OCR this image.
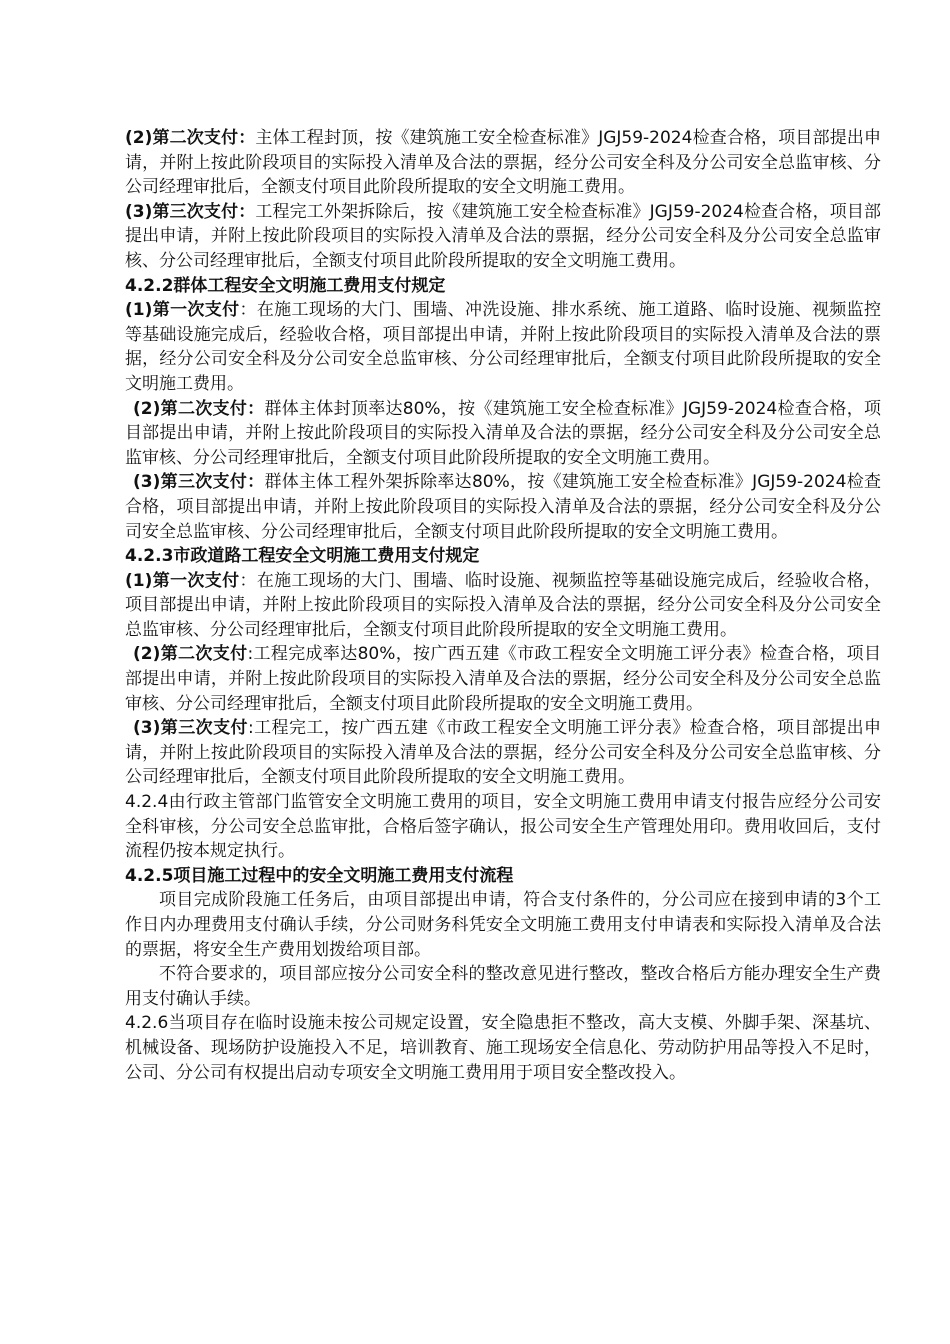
(2)第二次支付：主体工程封顶，按《建筑施工安全检查标准》JGJ59-2024检查合格，项目部提出申请，并附上按此阶段项目的实际投入清单及合法的票据，经分公司安全科及分公司安全总监审核、分公司经理审批后，全额支付项目此阶段所提取的安全文明施工费用。

(3)第三次支付：工程完工外架拆除后，按《建筑施工安全检查标准》JGJ59-2024检查合格，项目部提出申请，并附上按此阶段项目的实际投入清单及合法的票据，经分公司安全科及分公司安全总监审核、分公司经理审批后，全额支付项目此阶段所提取的安全文明施工费用。

4.2.2群体工程安全文明施工费用支付规定

(1)第一次支付：在施工现场的大门、围墙、冲洗设施、排水系统、施工道路、临时设施、视频监控等基础设施完成后，经验收合格，项目部提出申请，并附上按此阶段项目的实际投入清单及合法的票据，经分公司安全科及分公司安全总监审核、分公司经理审批后，全额支付项目此阶段所提取的安全文明施工费用。

(2)第二次支付：群体主体封顶率达80%，按《建筑施工安全检查标准》JGJ59-2024检查合格，项目部提出申请，并附上按此阶段项目的实际投入清单及合法的票据，经分公司安全科及分公司安全总监审核、分公司经理审批后，全额支付项目此阶段所提取的安全文明施工费用。

(3)第三次支付：群体主体工程外架拆除率达80%，按《建筑施工安全检查标准》JGJ59-2024检查合格，项目部提出申请，并附上按此阶段项目的实际投入清单及合法的票据，经分公司安全科及分公司安全总监审核、分公司经理审批后，全额支付项目此阶段所提取的安全文明施工费用。

4.2.3市政道路工程安全文明施工费用支付规定

(1)第一次支付：在施工现场的大门、围墙、临时设施、视频监控等基础设施完成后，经验收合格，项目部提出申请，并附上按此阶段项目的实际投入清单及合法的票据，经分公司安全科及分公司安全总监审核、分公司经理审批后，全额支付项目此阶段所提取的安全文明施工费用。

(2)第二次支付:工程完成率达80%，按广西五建《市政工程安全文明施工评分表》检查合格，项目部提出申请，并附上按此阶段项目的实际投入清单及合法的票据，经分公司安全科及分公司安全总监审核、分公司经理审批后，全额支付项目此阶段所提取的安全文明施工费用。

(3)第三次支付:工程完工，按广西五建《市政工程安全文明施工评分表》检查合格，项目部提出申请，并附上按此阶段项目的实际投入清单及合法的票据，经分公司安全科及分公司安全总监审核、分公司经理审批后，全额支付项目此阶段所提取的安全文明施工费用。

4.2.4由行政主管部门监管安全文明施工费用的项目，安全文明施工费用申请支付报告应经分公司安全科审核，分公司安全总监审批，合格后签字确认，报公司安全生产管理处用印。费用收回后，支付流程仍按本规定执行。

4.2.5项目施工过程中的安全文明施工费用支付流程

项目完成阶段施工任务后，由项目部提出申请，符合支付条件的，分公司应在接到申请的3个工作日内办理费用支付确认手续，分公司财务科凭安全文明施工费用支付申请表和实际投入清单及合法的票据，将安全生产费用划拨给项目部。

不符合要求的，项目部应按分公司安全科的整改意见进行整改，整改合格后方能办理安全生产费用支付确认手续。

4.2.6当项目存在临时设施未按公司规定设置，安全隐患拒不整改，高大支模、外脚手架、深基坑、机械设备、现场防护设施投入不足，培训教育、施工现场安全信息化、劳动防护用品等投入不足时，公司、分公司有权提出启动专项安全文明施工费用用于项目安全整改投入。
